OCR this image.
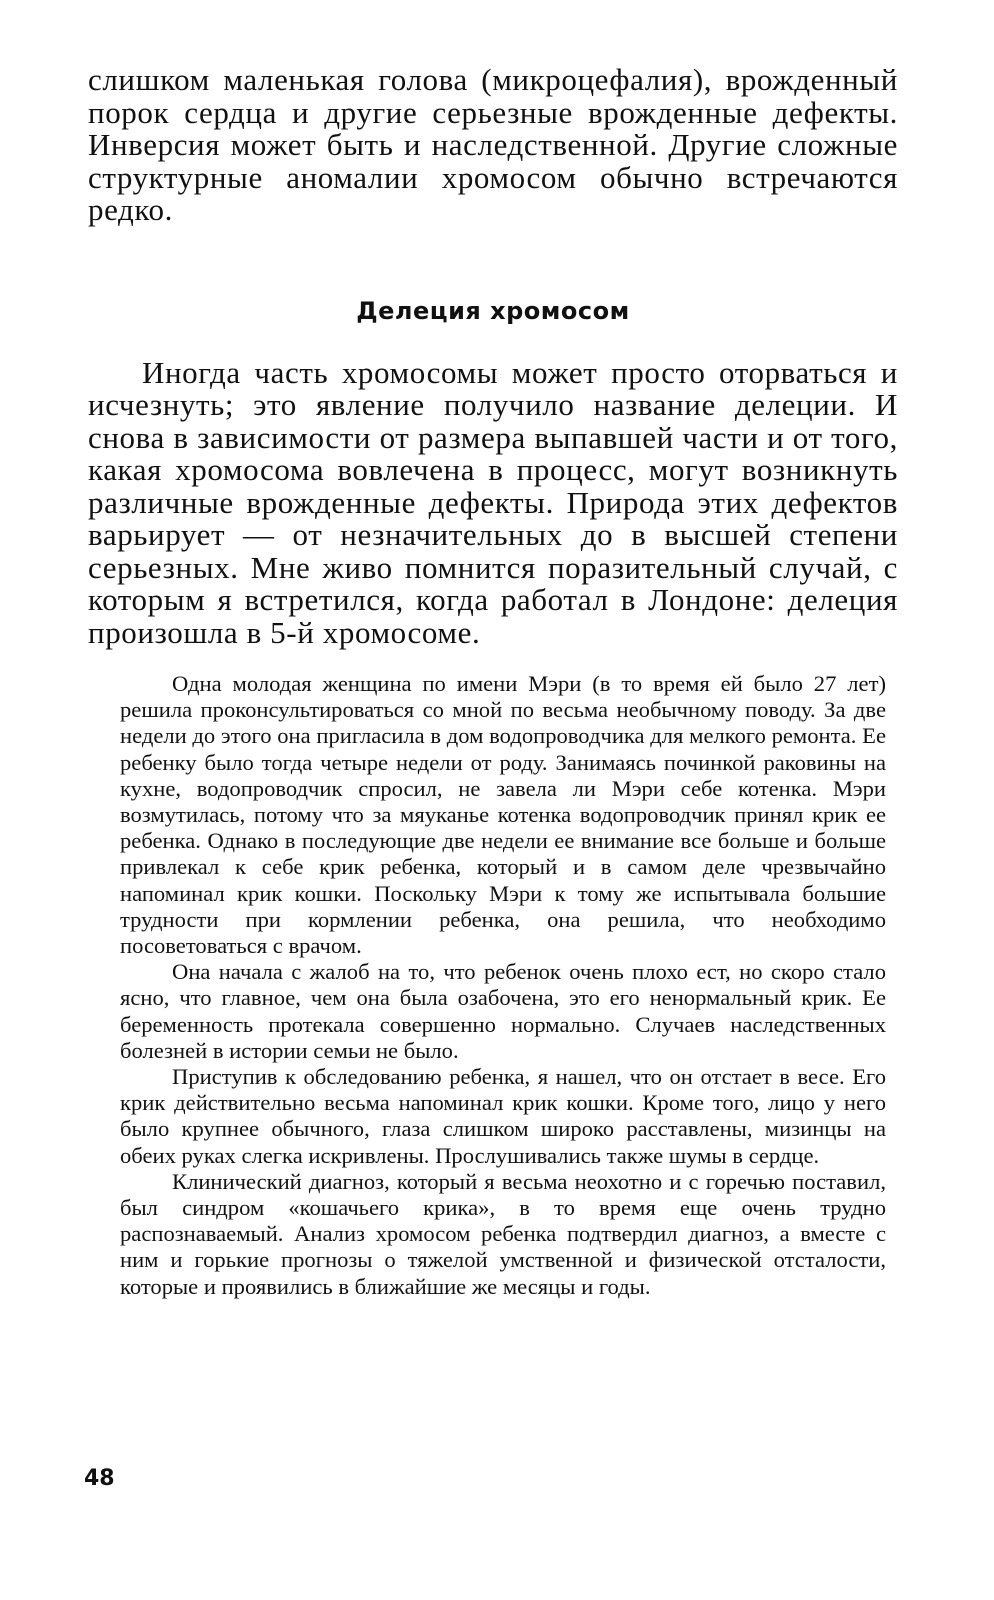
слишком маленькая голова (микроцефалия), врожденный порок сердца и другие серьезные врожденные дефекты. Инверсия может быть и наследственной. Другие сложные структурные аномалии хромосом обычно встречаются редко.

Делеция хромосом

Иногда часть хромосомы может просто оторваться и исчезнуть; это явление получило название делеции. И снова в зависимости от размера выпавшей части и от того, какая хромосома вовлечена в процесс, могут возникнуть различные врожденные дефекты. Природа этих дефектов варьирует — от незначительных до в высшей степени серьезных. Мне живо помнится поразительный случай, с которым я встретился, когда работал в Лондоне: делеция произошла в 5-й хромосоме.

Одна молодая женщина по имени Мэри (в то время ей было 27 лет) решила проконсультироваться со мной по весьма необычному поводу. За две недели до этого она пригласила в дом водопроводчика для мелкого ремонта. Ее ребенку было тогда четыре недели от роду. Занимаясь починкой раковины на кухне, водопроводчик спросил, не завела ли Мэри себе котенка. Мэри возмутилась, потому что за мяуканье котенка водопроводчик принял крик ее ребенка. Однако в последующие две недели ее внимание все больше и больше привлекал к себе крик ребенка, который и в самом деле чрезвычайно напоминал крик кошки. Поскольку Мэри к тому же испытывала большие трудности при кормлении ребенка, она решила, что необходимо посоветоваться с врачом.

Она начала с жалоб на то, что ребенок очень плохо ест, но скоро стало ясно, что главное, чем она была озабочена, это его ненормальный крик. Ее беременность протекала совершенно нормально. Случаев наследственных болезней в истории семьи не было.

Приступив к обследованию ребенка, я нашел, что он отстает в весе. Его крик действительно весьма напоминал крик кошки. Кроме того, лицо у него было крупнее обычного, глаза слишком широко расставлены, мизинцы на обеих руках слегка искривлены. Прослушивались также шумы в сердце.

Клинический диагноз, который я весьма неохотно и с горечью поставил, был синдром «кошачьего крика», в то время еще очень трудно распознаваемый. Анализ хромосом ребенка подтвердил диагноз, а вместе с ним и горькие прогнозы о тяжелой умственной и физической отсталости, которые и проявились в ближайшие же месяцы и годы.

48
